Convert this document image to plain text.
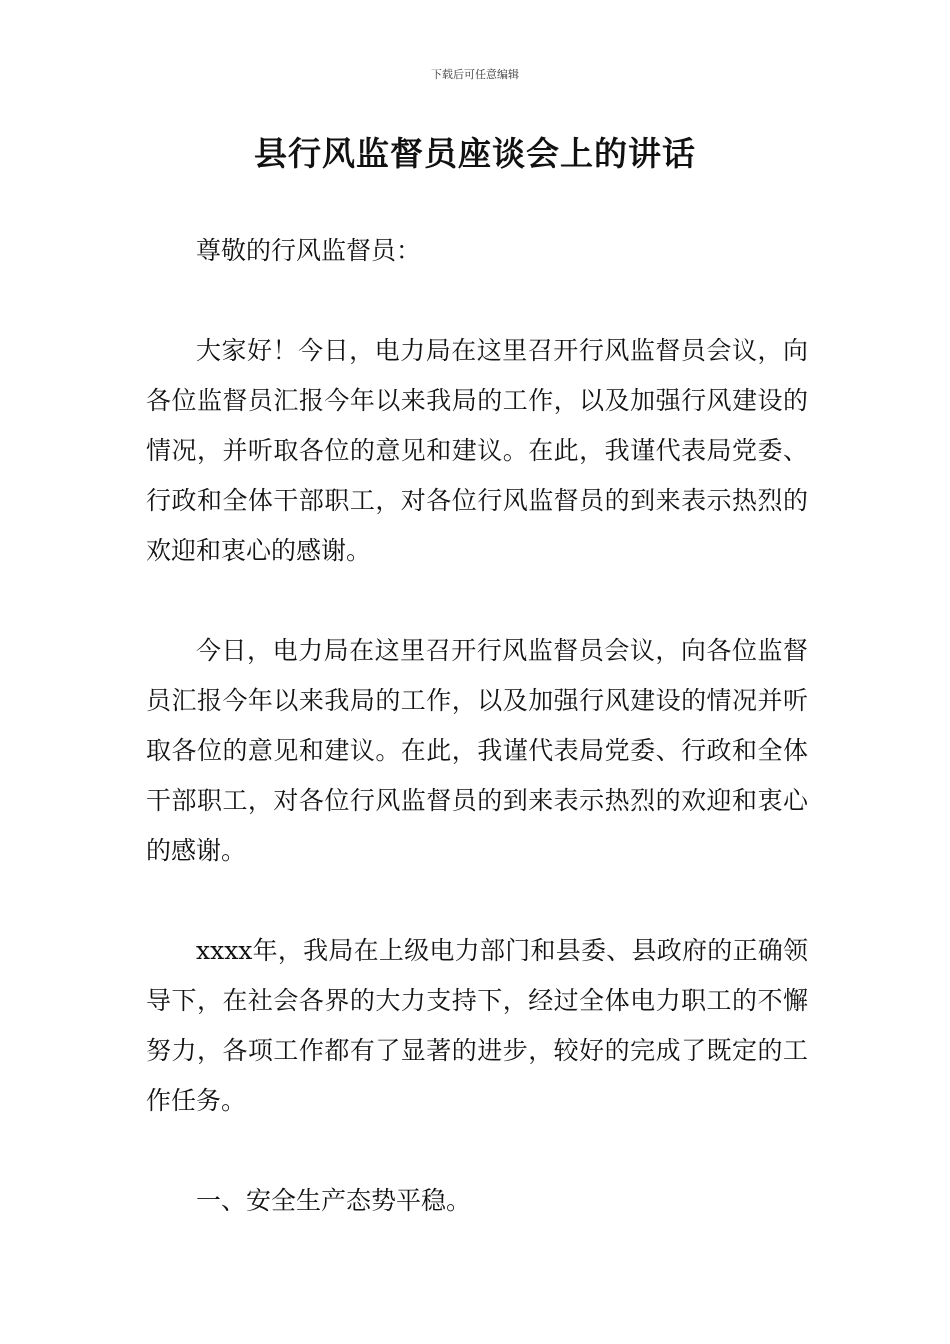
下载后可任意编辑
县行风监督员座谈会上的讲话

尊敬的行风监督员：

大家好！今日，电力局在这里召开行风监督员会议，向各位监督员汇报今年以来我局的工作，以及加强行风建设的情况，并听取各位的意见和建议。在此，我谨代表局党委、行政和全体干部职工，对各位行风监督员的到来表示热烈的欢迎和衷心的感谢。

今日，电力局在这里召开行风监督员会议，向各位监督员汇报今年以来我局的工作，以及加强行风建设的情况并听取各位的意见和建议。在此，我谨代表局党委、行政和全体干部职工，对各位行风监督员的到来表示热烈的欢迎和衷心的感谢。

xxxx年，我局在上级电力部门和县委、县政府的正确领导下，在社会各界的大力支持下，经过全体电力职工的不懈努力，各项工作都有了显著的进步，较好的完成了既定的工作任务。

一、安全生产态势平稳。
